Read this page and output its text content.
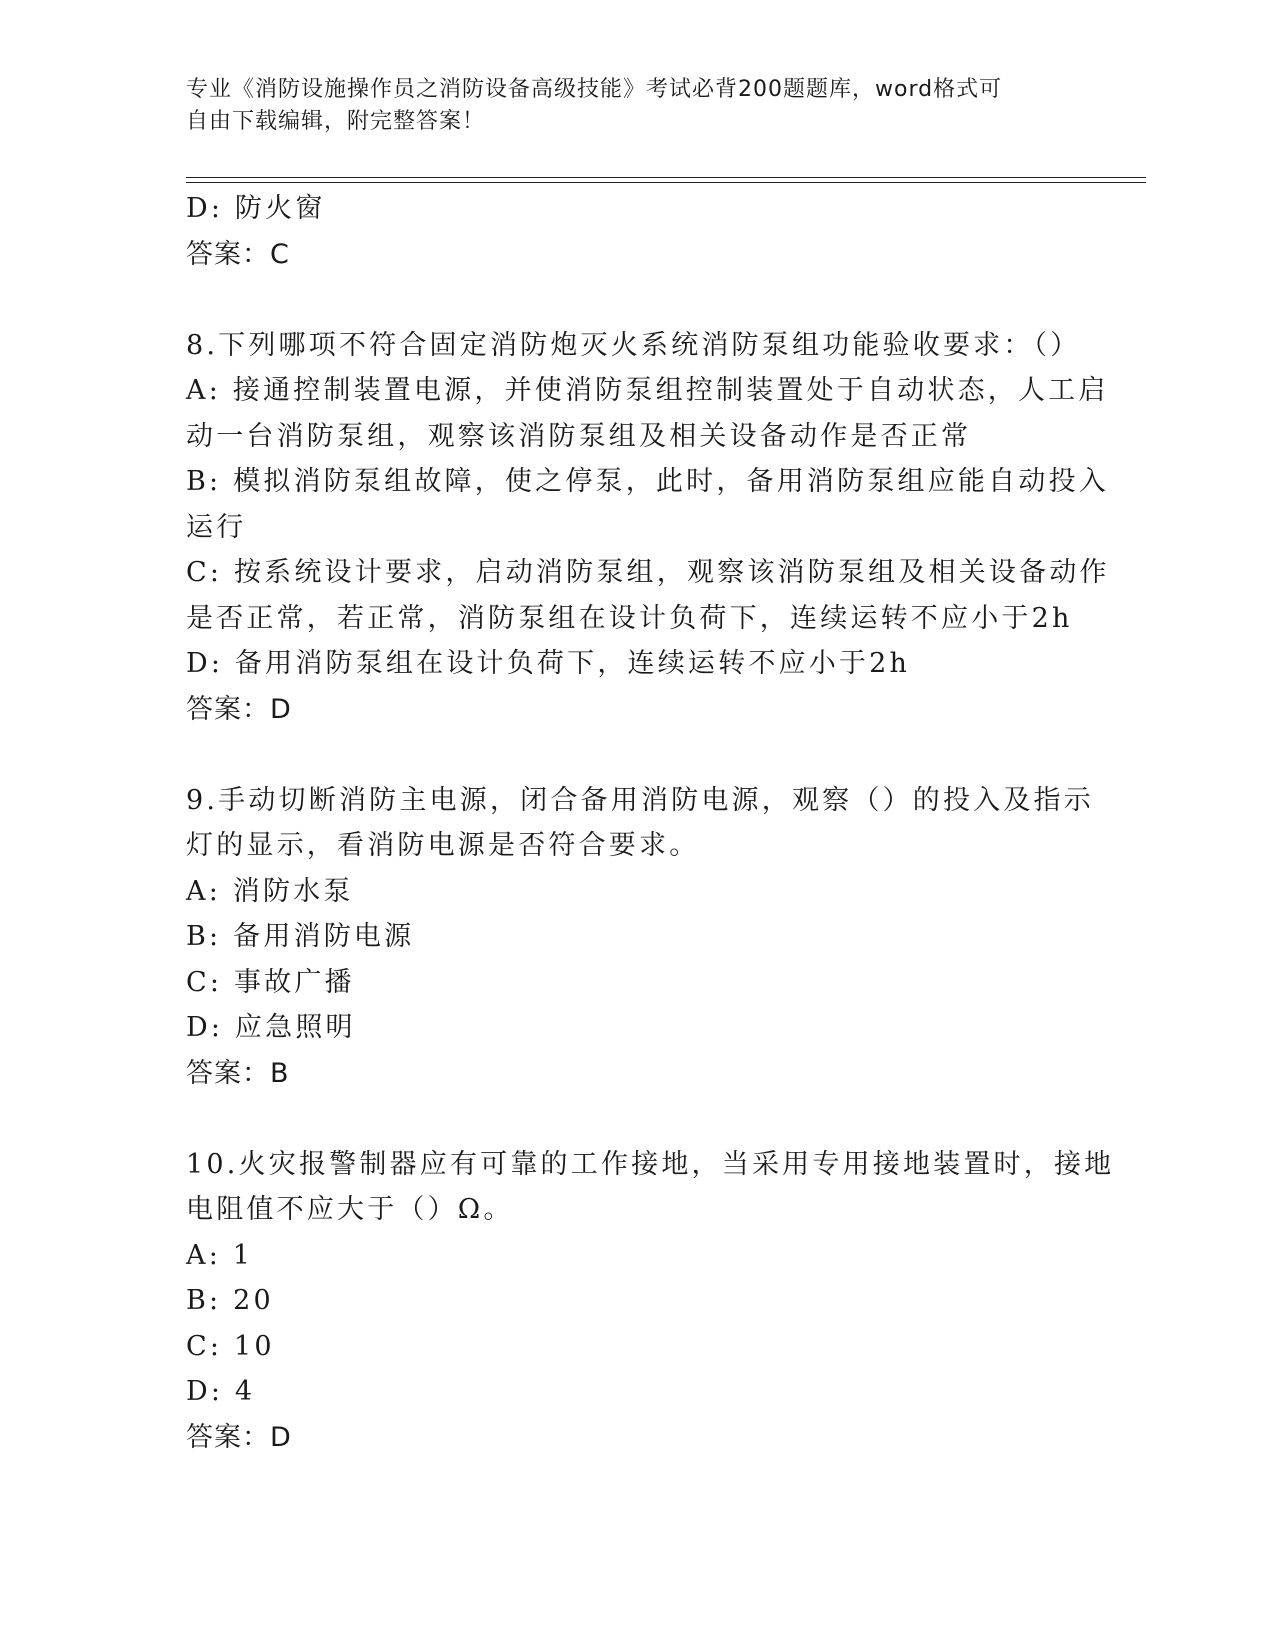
专业《消防设施操作员之消防设备高级技能》考试必背200题题库，word格式可
自由下载编辑，附完整答案！
D: 防火窗
答案：C
8.下列哪项不符合固定消防炮灭火系统消防泵组功能验收要求：（）
A: 接通控制装置电源，并使消防泵组控制装置处于自动状态，人工启
动一台消防泵组，观察该消防泵组及相关设备动作是否正常
B: 模拟消防泵组故障，使之停泵，此时，备用消防泵组应能自动投入
运行
C: 按系统设计要求，启动消防泵组，观察该消防泵组及相关设备动作
是否正常，若正常，消防泵组在设计负荷下，连续运转不应小于2h
D: 备用消防泵组在设计负荷下，连续运转不应小于2h
答案：D
9.手动切断消防主电源，闭合备用消防电源，观察（）的投入及指示
灯的显示，看消防电源是否符合要求。
A: 消防水泵
B: 备用消防电源
C: 事故广播
D: 应急照明
答案：B
10.火灾报警制器应有可靠的工作接地，当采用专用接地装置时，接地
电阻值不应大于（）Ω。
A: 1
B: 20
C: 10
D: 4
答案：D
